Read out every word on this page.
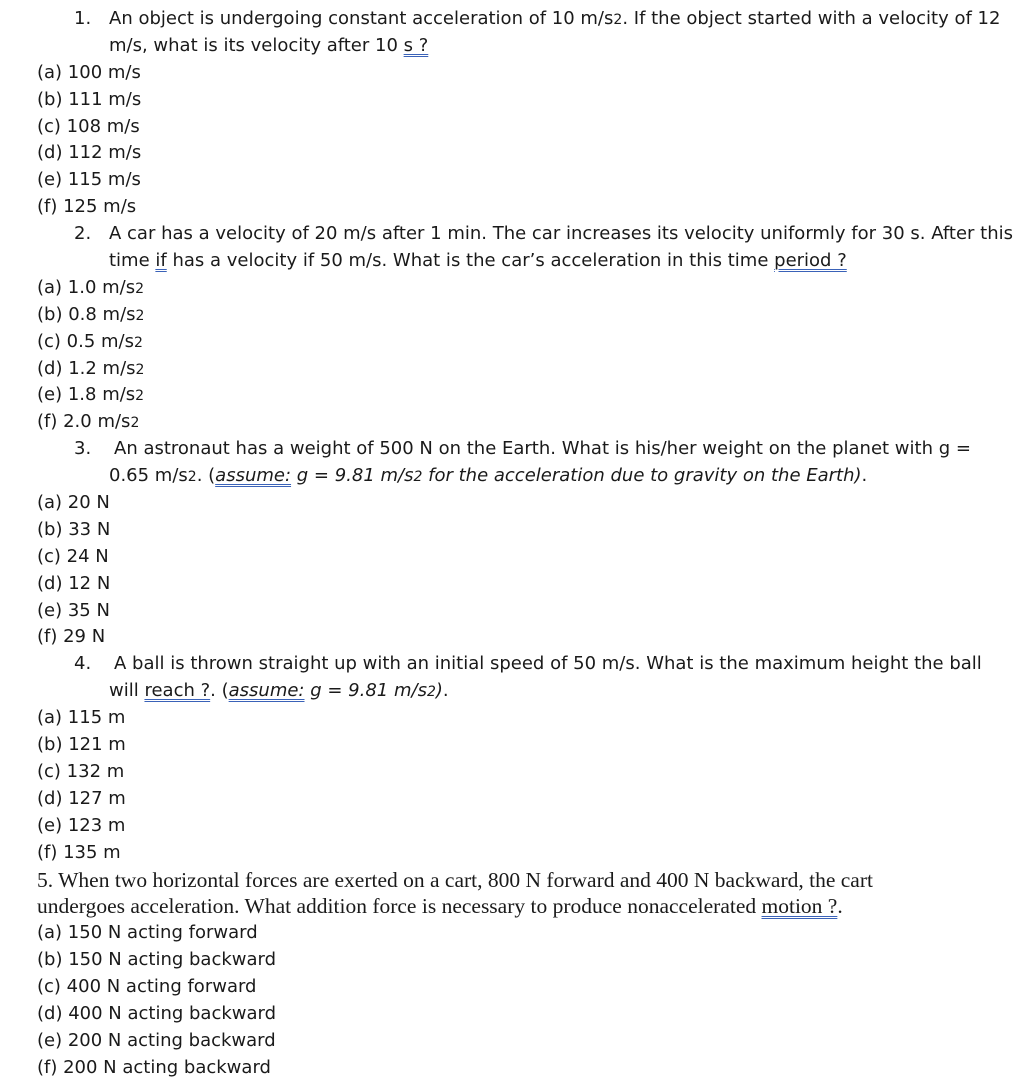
1. An object is undergoing constant acceleration of 10 m/s2. If the object started with a velocity of 12
m/s, what is its velocity after 10 s ?
(a) 100 m/s
(b) 111 m/s
(c) 108 m/s
(d) 112 m/s
(e) 115 m/s
(f) 125 m/s
2. A car has a velocity of 20 m/s after 1 min. The car increases its velocity uniformly for 30 s. After this
time if has a velocity if 50 m/s. What is the car’s acceleration in this time period ?
(a) 1.0 m/s2
(b) 0.8 m/s2
(c) 0.5 m/s2
(d) 1.2 m/s2
(e) 1.8 m/s2
(f) 2.0 m/s2
3. An astronaut has a weight of 500 N on the Earth. What is his/her weight on the planet with g =
0.65 m/s2. (assume: g = 9.81 m/s2 for the acceleration due to gravity on the Earth).
(a) 20 N
(b) 33 N
(c) 24 N
(d) 12 N
(e) 35 N
(f) 29 N
4. A ball is thrown straight up with an initial speed of 50 m/s. What is the maximum height the ball
will reach ?. (assume: g = 9.81 m/s2).
(a) 115 m
(b) 121 m
(c) 132 m
(d) 127 m
(e) 123 m
(f) 135 m
5. When two horizontal forces are exerted on a cart, 800 N forward and 400 N backward, the cart
undergoes acceleration. What addition force is necessary to produce nonaccelerated motion ?.
(a) 150 N acting forward
(b) 150 N acting backward
(c) 400 N acting forward
(d) 400 N acting backward
(e) 200 N acting backward
(f) 200 N acting backward
